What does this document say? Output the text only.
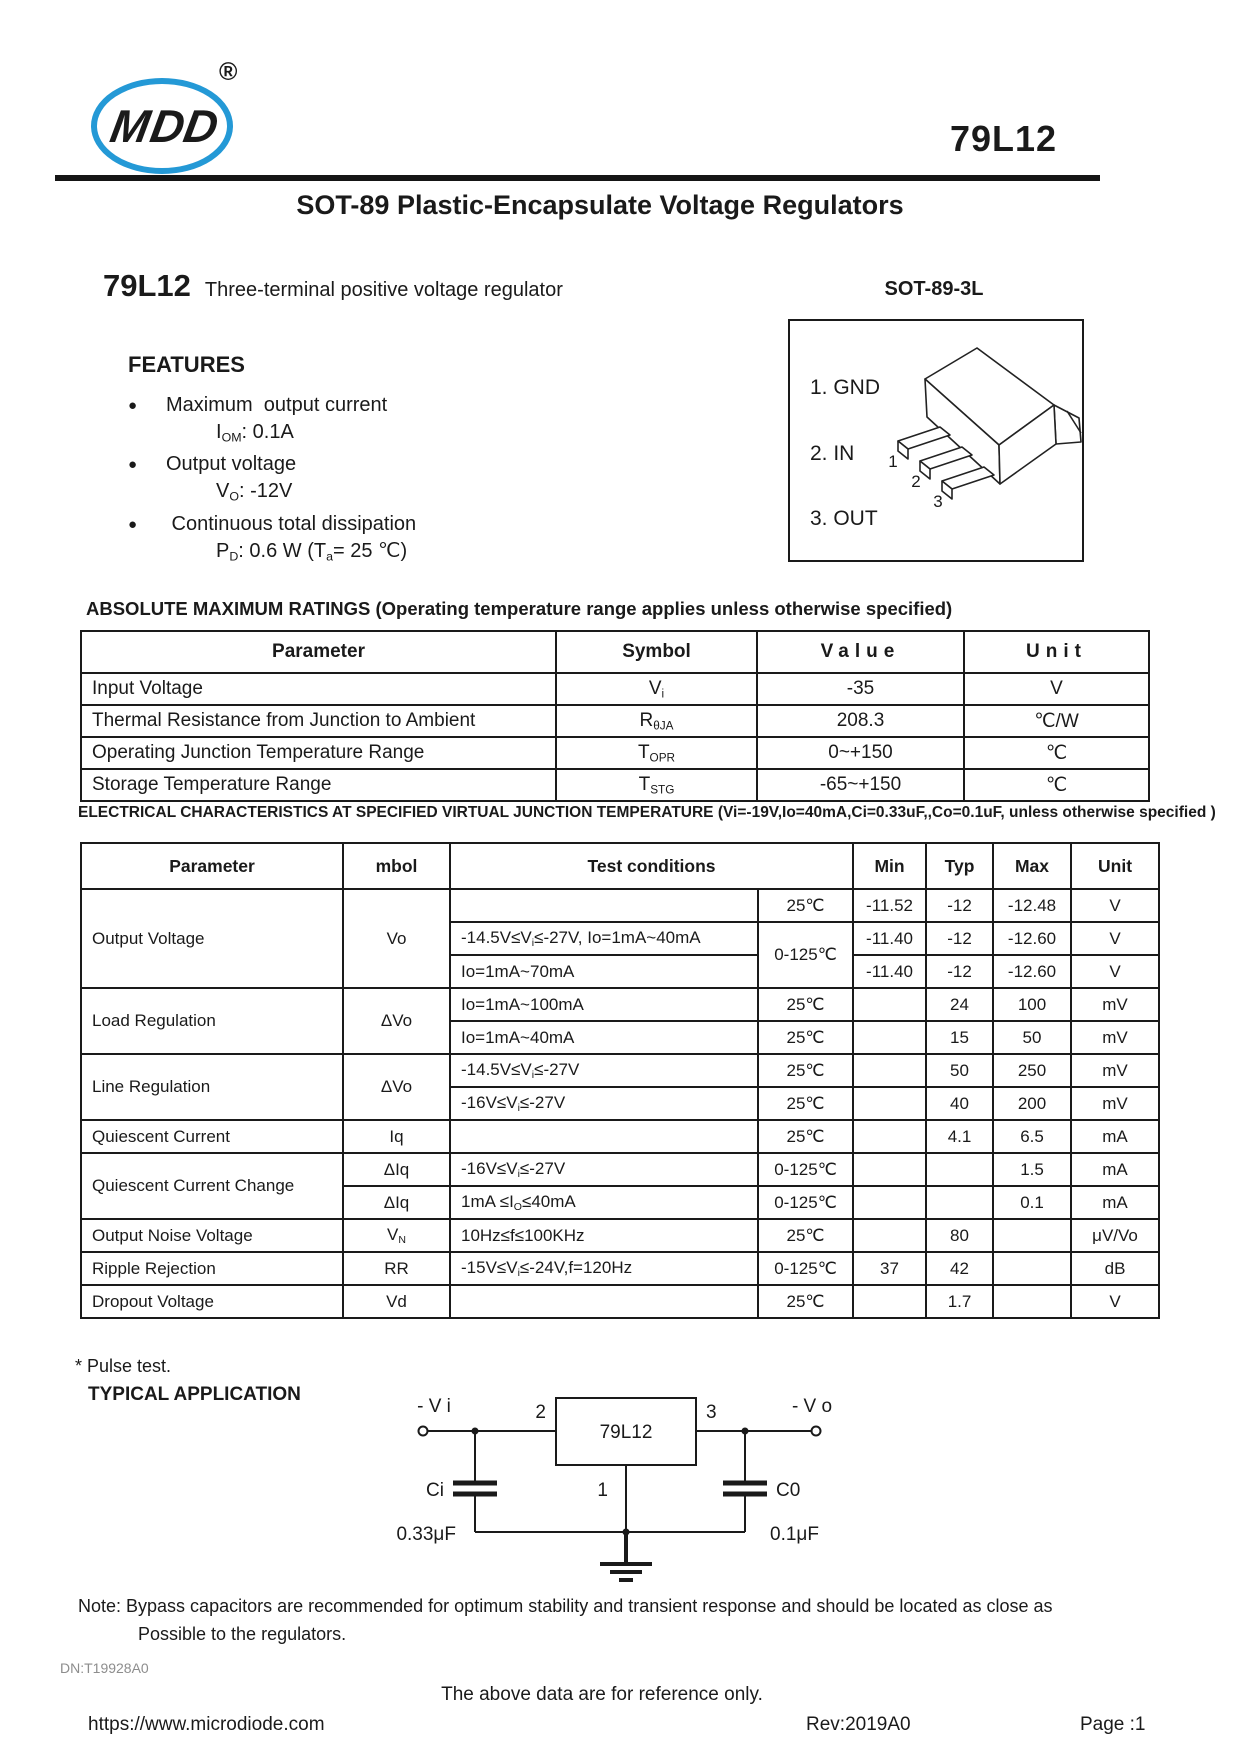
M
DD
®
79L12
SOT-89 Plastic-Encapsulate Voltage Regulators
79L12 Three-terminal positive voltage regulator	SOT-89-3L
FEATURES
● Maximum  output current
$I_{OM}$: 0.1A
● Output voltage
$V_O$: -12V
● Continuous total dissipation
$P_D$: 0.6 W ($T_a= 25$ ℃)
1. GND
2. IN
3. OUT
1
2
3
ABSOLUTE MAXIMUM RATINGS (Operating temperature range applies unless otherwise specified)
Parameter	Symbol	Value	Unit
Input Voltage	$V_i$	-35	V
Thermal Resistance from Junction to Ambient	$R_{\theta JA}$	208.3	℃/W
Operating Junction Temperature Range	$T_{OPR}$	0~+150	℃
Storage Temperature Range	$T_{STG}$	-65~+150	℃
ELECTRICAL CHARACTERISTICS AT SPECIFIED VIRTUAL JUNCTION TEMPERATURE (Vi=-19V,Io=40mA,Ci=0.33uF,,Co=0.1uF, unless otherwise specified )
Parameter	mbol	Test conditions		Min	Typ	Max	Unit
Output Voltage	Vo		25℃	-11.52	-12	-12.48	V
		$-14.5V\le V_i\le-27V$, Io=1mA~40mA	0-125℃	-11.40	-12	-12.60	V
		Io=1mA~70mA		-11.40	-12	-12.60	V
Load Regulation	ΔVo	Io=1mA~100mA	25℃		24	100	mV
		Io=1mA~40mA	25℃		15	50	mV
Line Regulation	ΔVo	$-14.5V\le V_i\le-27V$	25℃		50	250	mV
		$-16V\le V_i\le-27V$	25℃		40	200	mV
Quiescent Current	Iq		25℃		4.1	6.5	mA
Quiescent Current Change	ΔIq	$-16V\le V_i\le-27V$	0-125℃			1.5	mA
	ΔIq	$1mA \le I_O\le 40mA$	0-125℃			0.1	mA
Output Noise Voltage	$V_N$	10Hz≤f≤100KHz	25℃		80		μV/Vo
Ripple Rejection	RR	$-15V\le V_i\le-24V,f=120Hz$	0-125℃	37	42		dB
Dropout Voltage	Vd		25℃		1.7		V
* Pulse test.
TYPICAL APPLICATION
- V i	- V o
2	3
79L12
1
Ci
0.33μF
C0
0.1μF
Note: Bypass capacitors are recommended for optimum stability and transient response and should be located as close as
Possible to the regulators.
DN:T19928A0
The above data are for reference only.
https://www.microdiode.com	Rev:2019A0	Page :1
